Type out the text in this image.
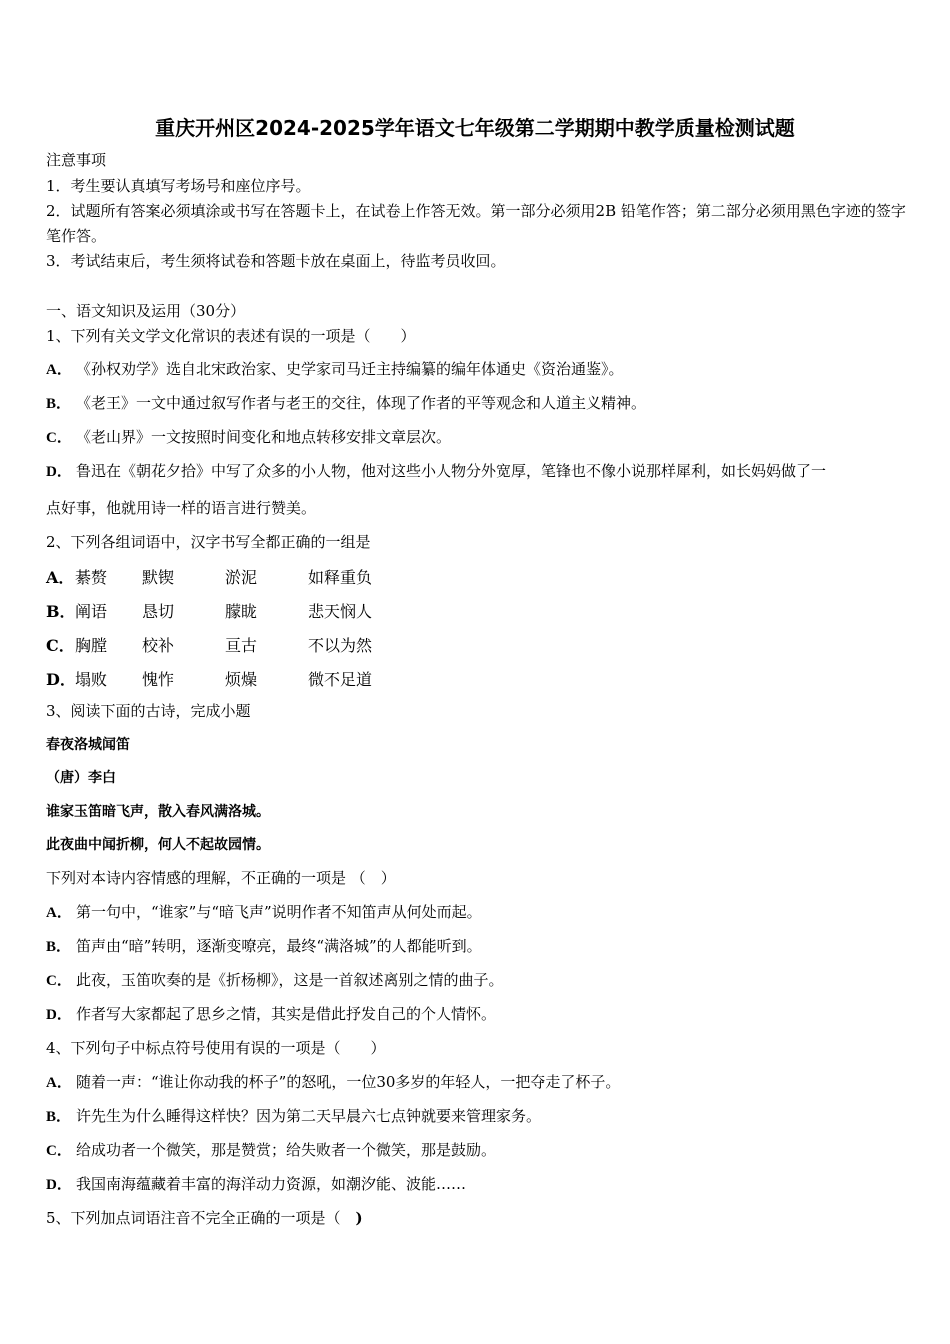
重庆开州区2024-2025学年语文七年级第二学期期中教学质量检测试题
注意事项
1．考生要认真填写考场号和座位序号。
2．试题所有答案必须填涂或书写在答题卡上，在试卷上作答无效。第一部分必须用2B 铅笔作答；第二部分必须用黑色字迹的签字笔作答。
3．考试结束后，考生须将试卷和答题卡放在桌面上，待监考员收回。
一、语文知识及运用（30分）
1、下列有关文学文化常识的表述有误的一项是（　　）
A． 《孙权劝学》选自北宋政治家、史学家司马迁主持编纂的编年体通史《资治通鉴》。
B． 《老王》一文中通过叙写作者与老王的交往，体现了作者的平等观念和人道主义精神。
C． 《老山界》一文按照时间变化和地点转移安排文章层次。
D． 鲁迅在《朝花夕拾》中写了众多的小人物，他对这些小人物分外宽厚，笔锋也不像小说那样犀利，如长妈妈做了一
点好事，他就用诗一样的语言进行赞美。
2、下列各组词语中，汉字书写全都正确的一组是
A． 綦赘 默锲	淤泥	如释重负
B． 阐语 恳切	朦眬	悲天悯人
C． 胸膛 校补	亘古	不以为然
D． 塌败 愧怍	烦燥	微不足道
3、阅读下面的古诗，完成小题
春夜洛城闻笛
（唐）李白
谁家玉笛暗飞声，散入春风满洛城。
此夜曲中闻折柳，何人不起故园情。
下列对本诗内容情感的理解，不正确的一项是 （　）
A． 第一句中，“谁家”与“暗飞声”说明作者不知笛声从何处而起。
B． 笛声由“暗”转明，逐渐变嘹亮，最终“满洛城”的人都能听到。
C． 此夜，玉笛吹奏的是《折杨柳》，这是一首叙述离别之情的曲子。
D． 作者写大家都起了思乡之情，其实是借此抒发自己的个人情怀。
4、下列句子中标点符号使用有误的一项是（　　）
A． 随着一声：“谁让你动我的杯子”的怒吼，一位30多岁的年轻人，一把夺走了杯子。
B． 许先生为什么睡得这样快？因为第二天早晨六七点钟就要来管理家务。
C． 给成功者一个微笑，那是赞赏；给失败者一个微笑，那是鼓励。
D． 我国南海蕴藏着丰富的海洋动力资源，如潮汐能、波能……
5、下列加点词语注音不完全正确的一项是（　)
